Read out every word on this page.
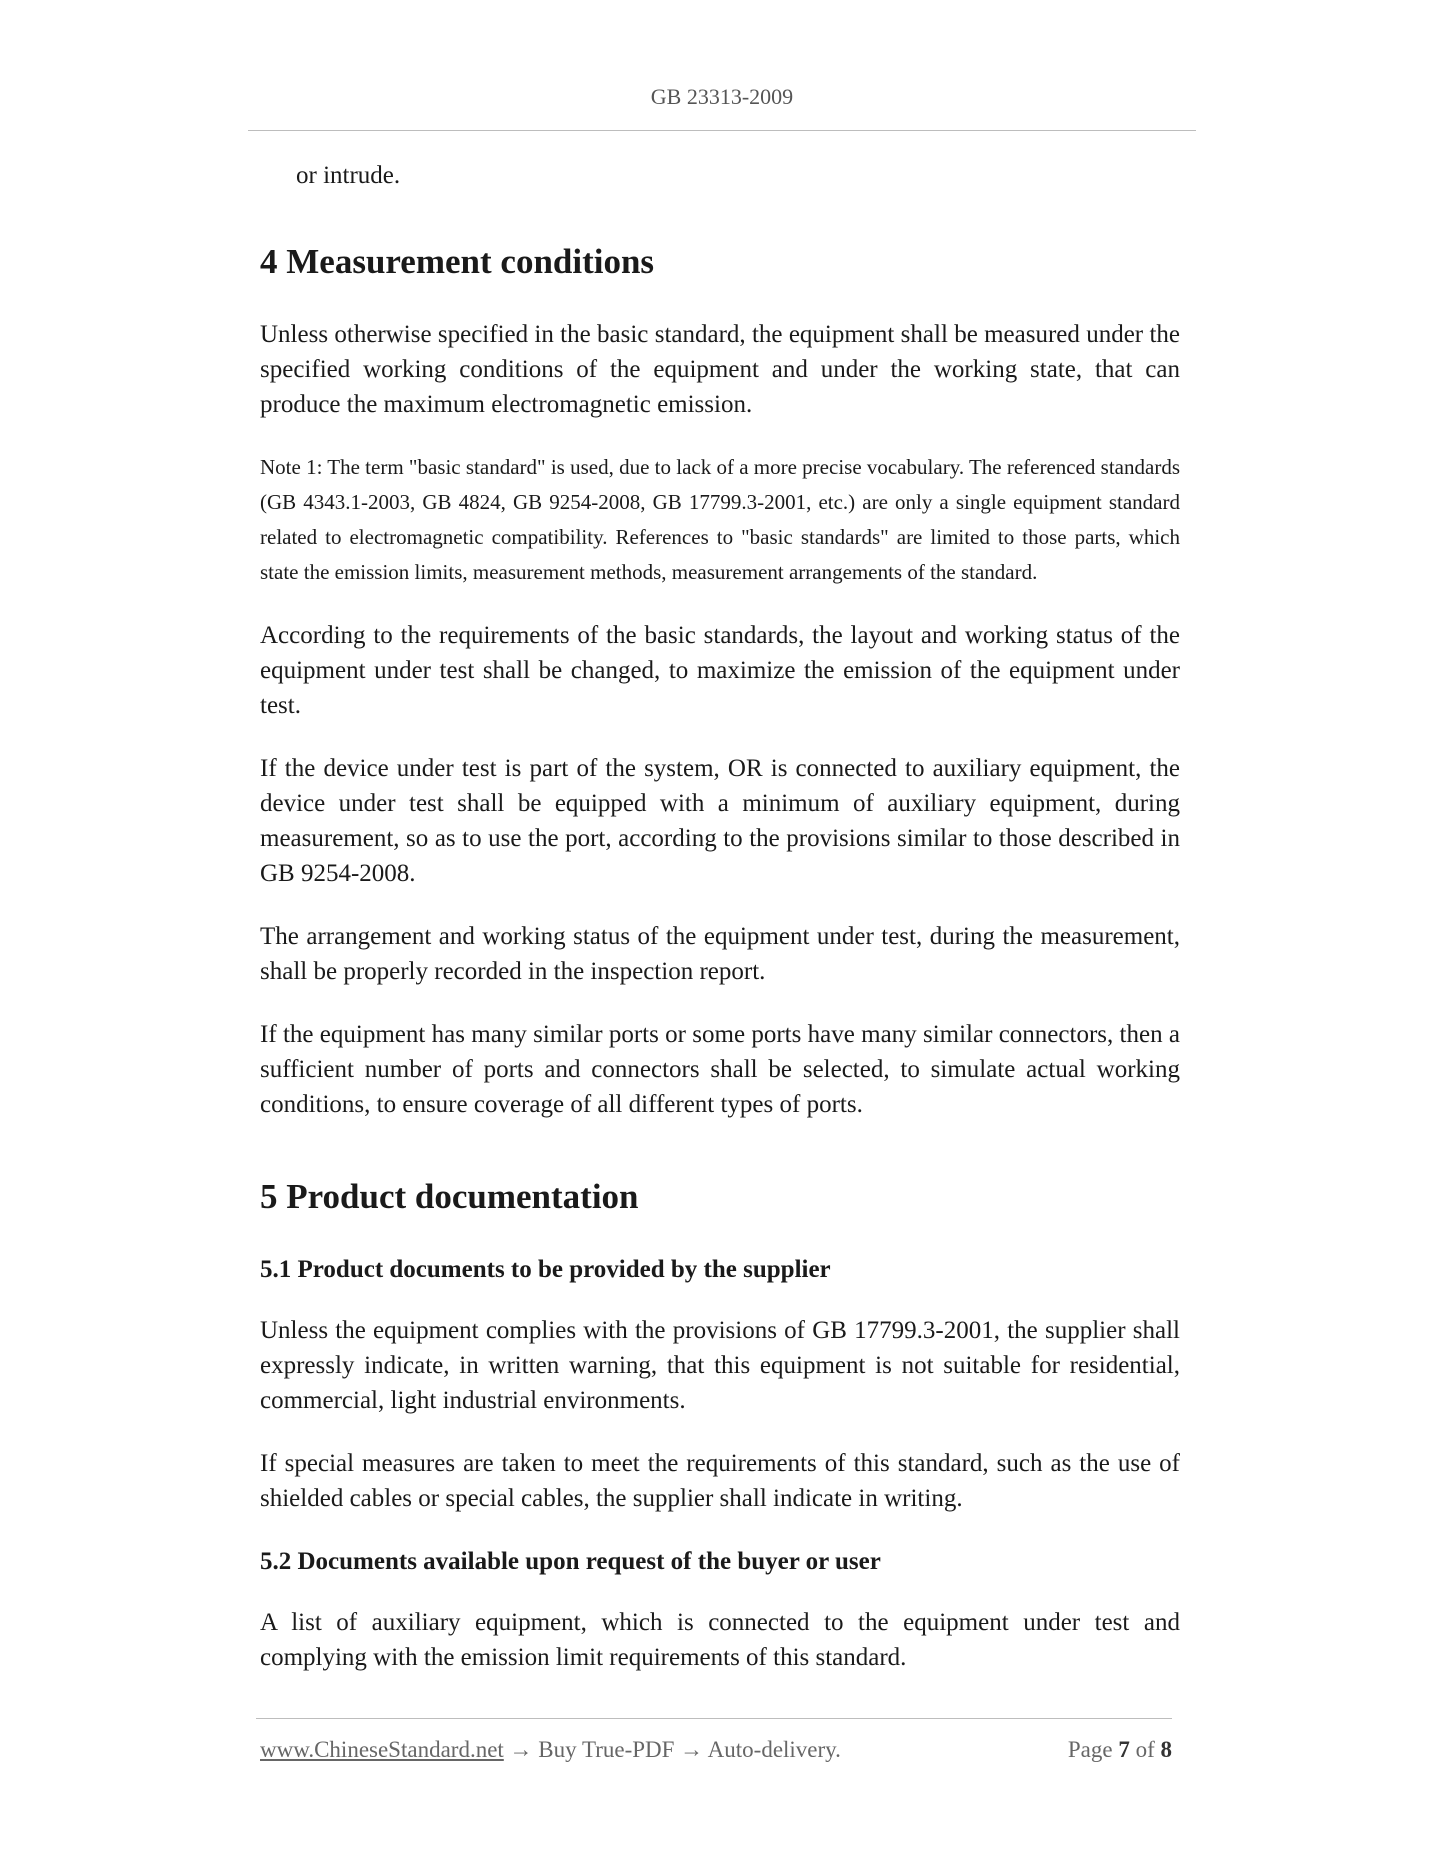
GB 23313-2009

or intrude.

4 Measurement conditions

Unless otherwise specified in the basic standard, the equipment shall be measured under the specified working conditions of the equipment and under the working state, that can produce the maximum electromagnetic emission.

Note 1: The term "basic standard" is used, due to lack of a more precise vocabulary. The referenced standards (GB 4343.1-2003, GB 4824, GB 9254-2008, GB 17799.3-2001, etc.) are only a single equipment standard related to electromagnetic compatibility. References to "basic standards" are limited to those parts, which state the emission limits, measurement methods, measurement arrangements of the standard.

According to the requirements of the basic standards, the layout and working status of the equipment under test shall be changed, to maximize the emission of the equipment under test.

If the device under test is part of the system, OR is connected to auxiliary equipment, the device under test shall be equipped with a minimum of auxiliary equipment, during measurement, so as to use the port, according to the provisions similar to those described in GB 9254-2008.

The arrangement and working status of the equipment under test, during the measurement, shall be properly recorded in the inspection report.

If the equipment has many similar ports or some ports have many similar connectors, then a sufficient number of ports and connectors shall be selected, to simulate actual working conditions, to ensure coverage of all different types of ports.

5 Product documentation
5.1 Product documents to be provided by the supplier

Unless the equipment complies with the provisions of GB 17799.3-2001, the supplier shall expressly indicate, in written warning, that this equipment is not suitable for residential, commercial, light industrial environments.

If special measures are taken to meet the requirements of this standard, such as the use of shielded cables or special cables, the supplier shall indicate in writing.

5.2 Documents available upon request of the buyer or user

A list of auxiliary equipment, which is connected to the equipment under test and complying with the emission limit requirements of this standard.

www.ChineseStandard.net → Buy True-PDF → Auto-delivery.	Page 7 of 8
